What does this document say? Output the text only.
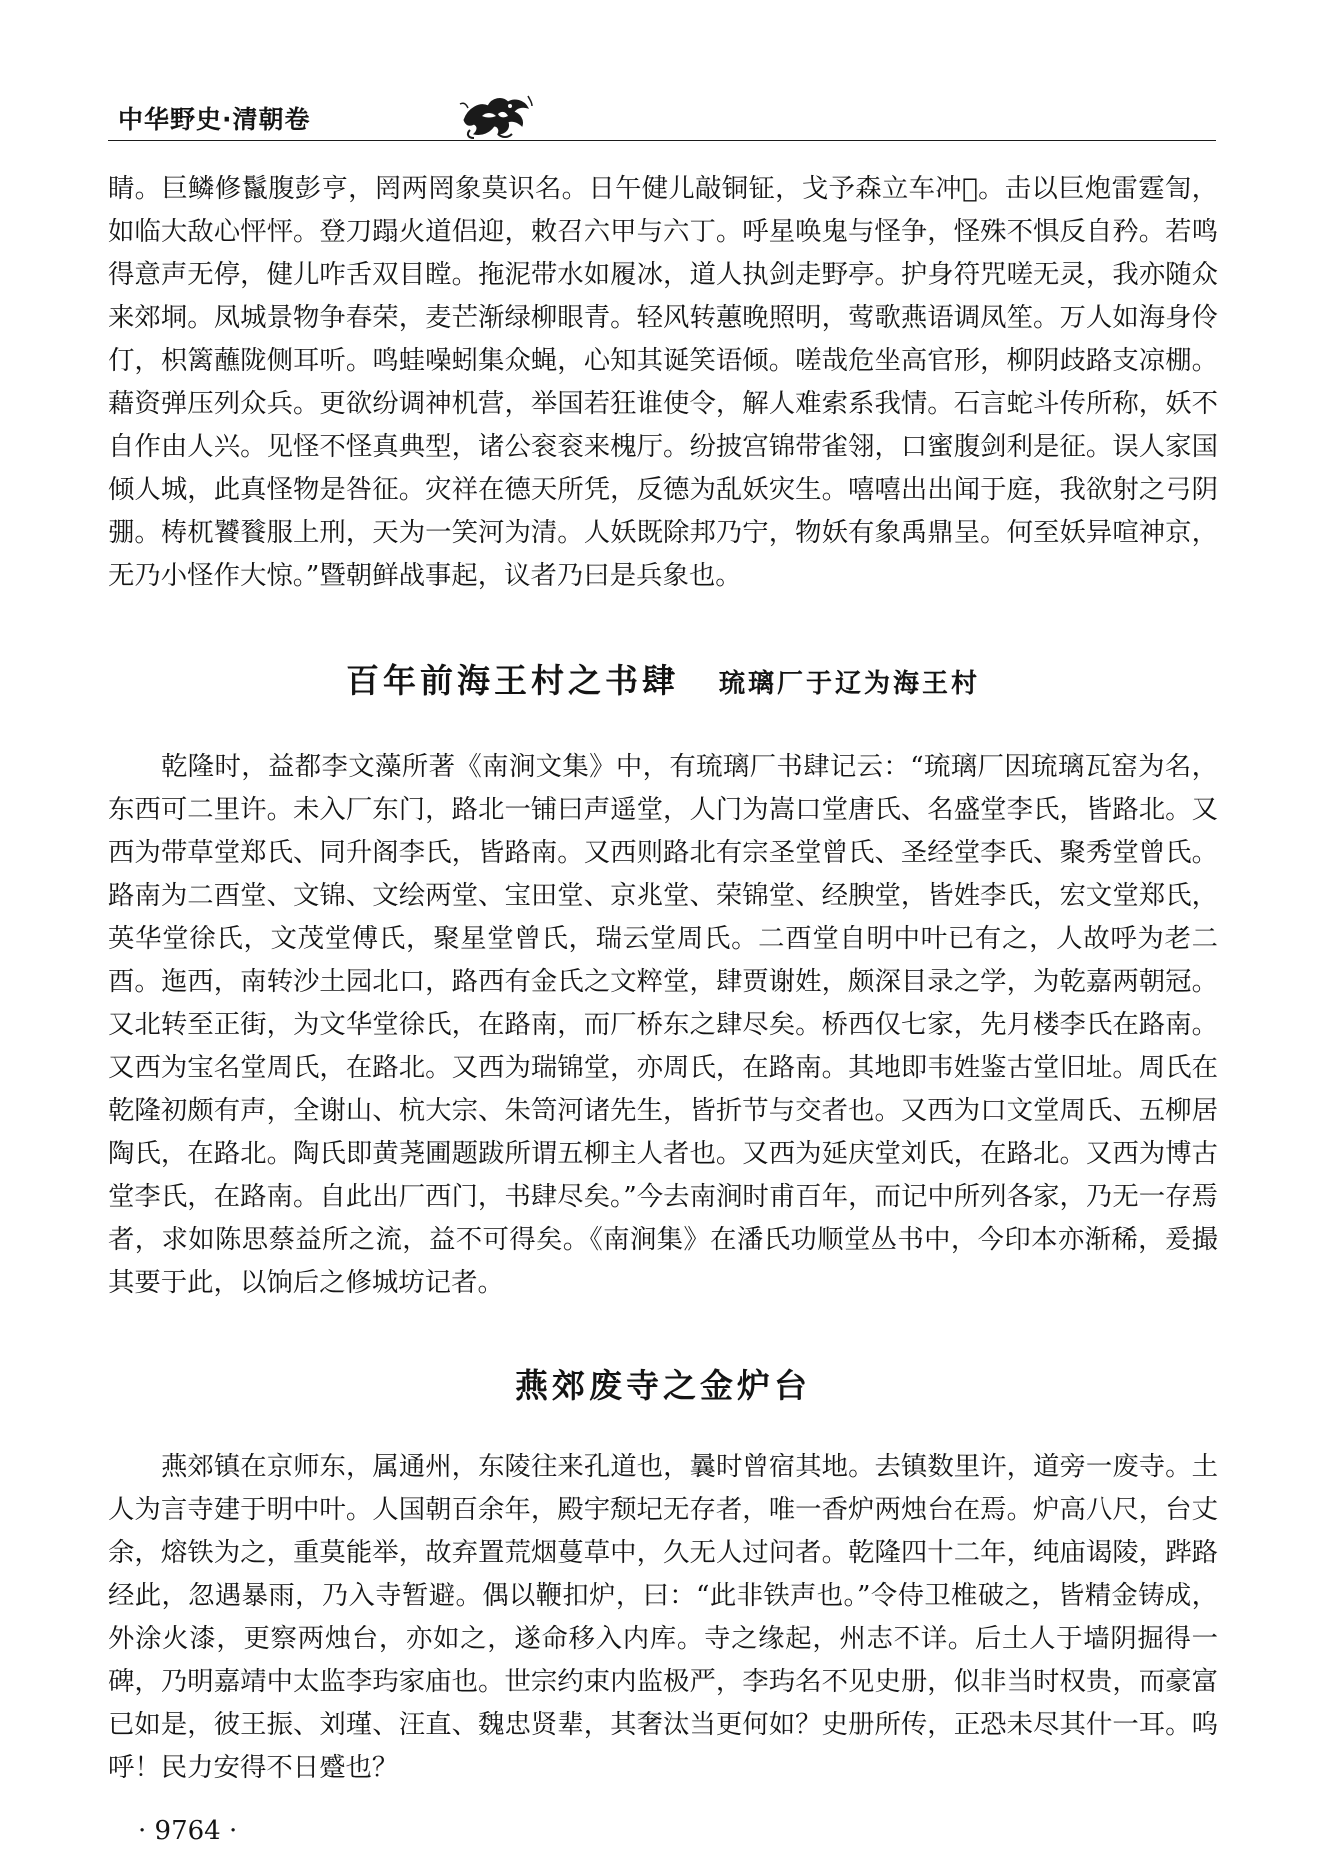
中华野史·清朝卷

睛。巨鳞修鬣腹彭亨，罔两罔象莫识名。日午健儿敲铜钲，戈予森立车冲𫐉。击以巨炮雷霆訇，如临大敌心怦怦。登刀蹋火道侣迎，敕召六甲与六丁。呼星唤鬼与怪争，怪殊不惧反自矜。若鸣得意声无停，健儿咋舌双目瞠。拖泥带水如履冰，道人执剑走野亭。护身符咒嗟无灵，我亦随众来郊垌。凤城景物争春荣，麦芒渐绿柳眼青。轻风转蕙晚照明，莺歌燕语调凤笙。万人如海身伶仃，枳篱蘸陇侧耳听。鸣蛙噪蚓集众蝇，心知其诞笑语倾。嗟哉危坐高官形，柳阴歧路支凉棚。藉资弹压列众兵。更欲纷调神机营，举国若狂谁使令，解人难索系我情。石言蛇斗传所称，妖不自作由人兴。见怪不怪真典型，诸公衮衮来槐厅。纷披宫锦带雀翎，口蜜腹剑利是征。误人家国倾人城，此真怪物是咎征。灾祥在德天所凭，反德为乱妖灾生。嘻嘻出出闻于庭，我欲射之弓阴弸。梼杌饕餮服上刑，天为一笑河为清。人妖既除邦乃宁，物妖有象禹鼎呈。何至妖异喧神京，无乃小怪作大惊。”暨朝鲜战事起，议者乃曰是兵象也。

百年前海王村之书肆 琉璃厂于辽为海王村

乾隆时，益都李文藻所著《南涧文集》中，有琉璃厂书肆记云：“琉璃厂因琉璃瓦窑为名，东西可二里许。未入厂东门，路北一铺曰声遥堂，人门为嵩口堂唐氏、名盛堂李氏，皆路北。又西为带草堂郑氏、同升阁李氏，皆路南。又西则路北有宗圣堂曾氏、圣经堂李氏、聚秀堂曾氏。路南为二酉堂、文锦、文绘两堂、宝田堂、京兆堂、荣锦堂、经腴堂，皆姓李氏，宏文堂郑氏，英华堂徐氏，文茂堂傅氏，聚星堂曾氏，瑞云堂周氏。二酉堂自明中叶已有之，人故呼为老二酉。迤西，南转沙土园北口，路西有金氏之文粹堂，肆贾谢姓，颇深目录之学，为乾嘉两朝冠。又北转至正街，为文华堂徐氏，在路南，而厂桥东之肆尽矣。桥西仅七家，先月楼李氏在路南。又西为宝名堂周氏，在路北。又西为瑞锦堂，亦周氏，在路南。其地即韦姓鉴古堂旧址。周氏在乾隆初颇有声，全谢山、杭大宗、朱笥河诸先生，皆折节与交者也。又西为口文堂周氏、五柳居陶氏，在路北。陶氏即黄荛圃题跋所谓五柳主人者也。又西为延庆堂刘氏，在路北。又西为博古堂李氏，在路南。自此出厂西门，书肆尽矣。”今去南涧时甫百年，而记中所列各家，乃无一存焉者，求如陈思蔡益所之流，益不可得矣。《南涧集》在潘氏功顺堂丛书中，今印本亦渐稀，爰撮其要于此，以饷后之修城坊记者。

燕郊废寺之金炉台

燕郊镇在京师东，属通州，东陵往来孔道也，曩时曾宿其地。去镇数里许，道旁一废寺。土人为言寺建于明中叶。人国朝百余年，殿宇颓圮无存者，唯一香炉两烛台在焉。炉高八尺，台丈余，熔铁为之，重莫能举，故弃置荒烟蔓草中，久无人过问者。乾隆四十二年，纯庙谒陵，跸路经此，忽遇暴雨，乃入寺暂避。偶以鞭扣炉，曰：“此非铁声也。”令侍卫椎破之，皆精金铸成，外涂火漆，更察两烛台，亦如之，遂命移入内库。寺之缘起，州志不详。后土人于墙阴掘得一碑，乃明嘉靖中太监李玙家庙也。世宗约束内监极严，李玙名不见史册，似非当时权贵，而豪富已如是，彼王振、刘瑾、汪直、魏忠贤辈，其奢汰当更何如？史册所传，正恐未尽其什一耳。呜呼！民力安得不日蹙也？

· 9764 ·
